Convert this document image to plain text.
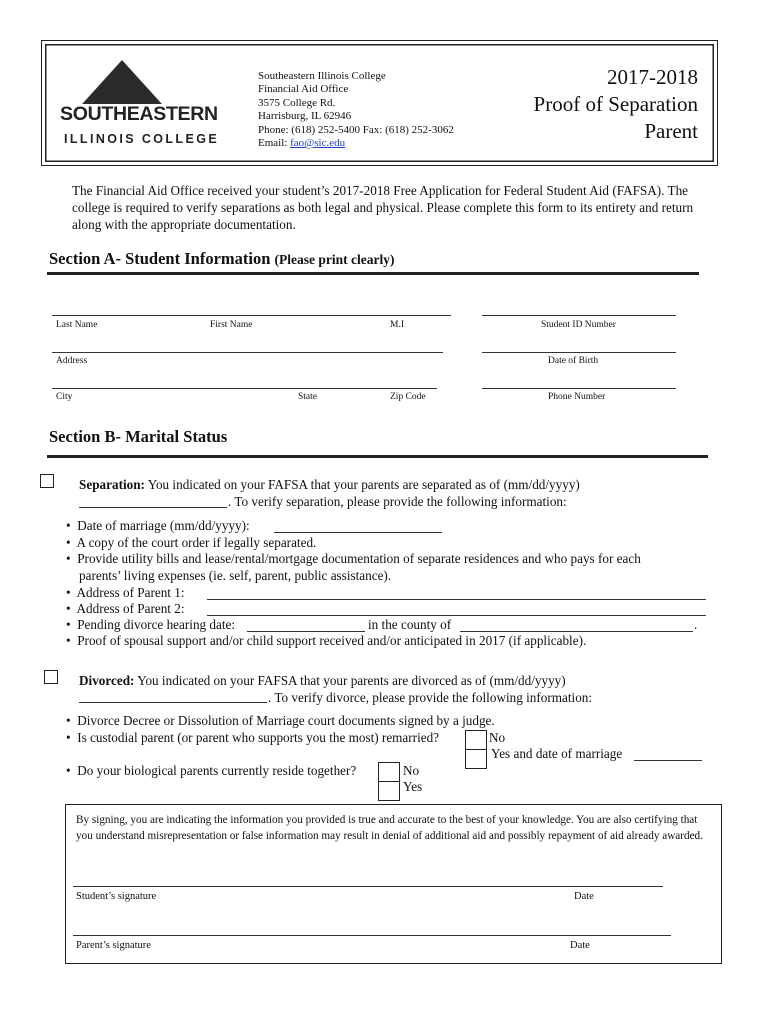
SOUTHEASTERN
ILLINOIS COLLEGE
Southeastern Illinois College
Financial Aid Office
3575 College Rd.
Harrisburg, IL 62946
Phone: (618) 252-5400 Fax: (618) 252-3062
Email: fao@sic.edu
2017-2018
Proof of Separation
Parent
The Financial Aid Office received your student’s 2017-2018 Free Application for Federal Student Aid (FAFSA). The college is required to verify separations as both legal and physical. Please complete this form to its entirety and return along with the appropriate documentation.
Section A- Student Information (Please print clearly)
Last Name	First Name	M.I	Student ID Number
Address	Date of Birth
City	State	Zip Code	Phone Number
Section B- Marital Status
Separation: You indicated on your FAFSA that your parents are separated as of (mm/dd/yyyy)
. To verify separation, please provide the following information:
•  Date of marriage (mm/dd/yyyy):
•  A copy of the court order if legally separated.
•  Provide utility bills and lease/rental/mortgage documentation of separate residences and who pays for each
parents’ living expenses (ie. self, parent, public assistance).
•  Address of Parent 1:
•  Address of Parent 2:
•  Pending divorce hearing date:	in the county of	.
•  Proof of spousal support and/or child support received and/or anticipated in 2017 (if applicable).
Divorced: You indicated on your FAFSA that your parents are divorced as of (mm/dd/yyyy)
. To verify divorce, please provide the following information:
•  Divorce Decree or Dissolution of Marriage court documents signed by a judge.
•  Is custodial parent (or parent who supports you the most) remarried?	No
Yes and date of marriage
•  Do your biological parents currently reside together?	No
Yes
By signing, you are indicating the information you provided is true and accurate to the best of your knowledge. You are also certifying that you understand misrepresentation or false information may result in denial of additional aid and possibly repayment of aid already awarded.
Student’s signature	Date
Parent’s signature	Date
